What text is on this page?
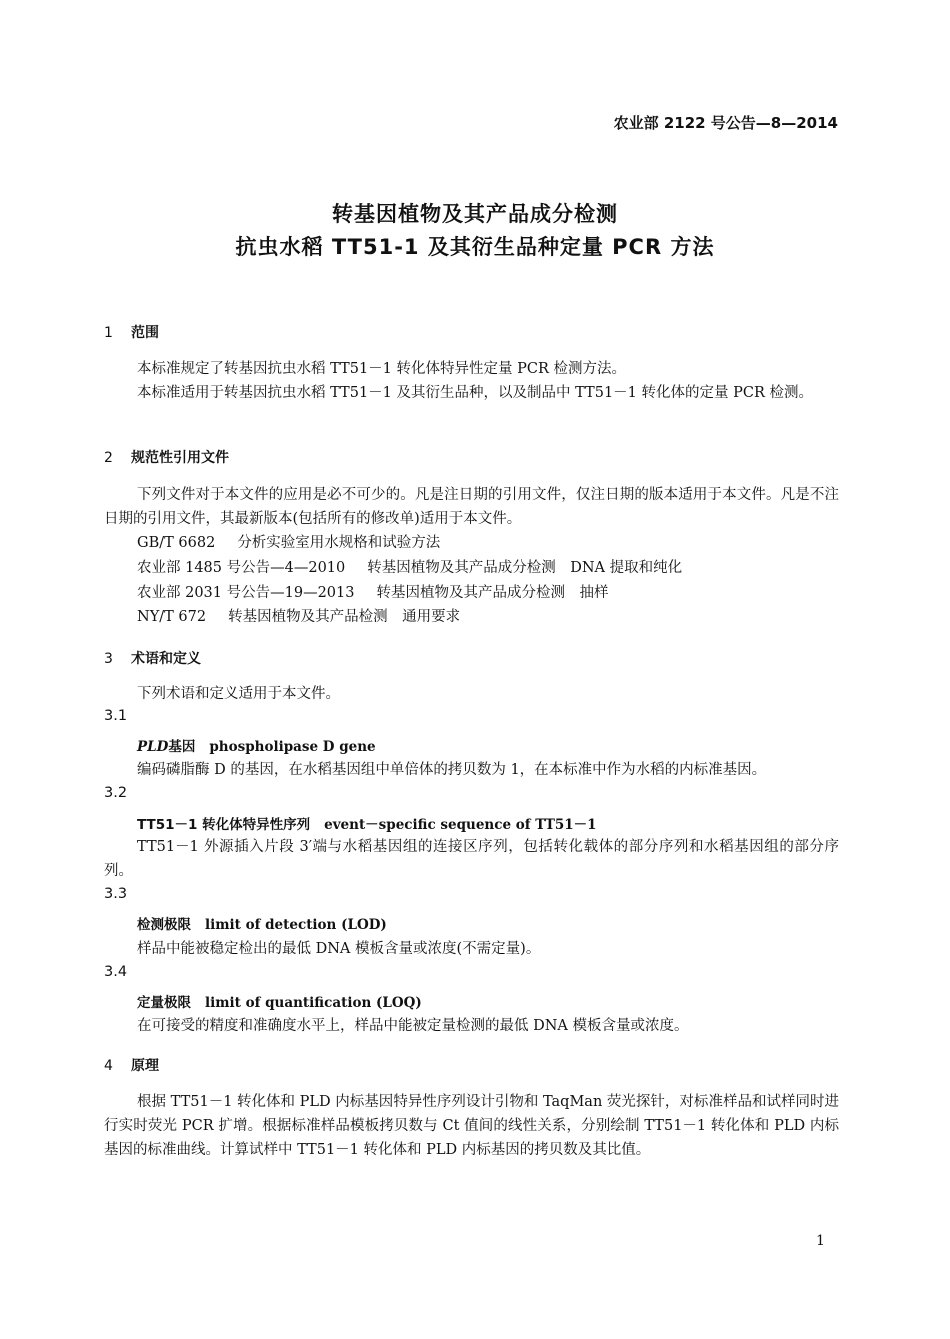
农业部 2122 号公告—8—2014
转基因植物及其产品成分检测
抗虫水稻 TT51-1 及其衍生品种定量 PCR 方法
1 范围
本标准规定了转基因抗虫水稻 TT51－1 转化体特异性定量 PCR 检测方法。
本标准适用于转基因抗虫水稻 TT51－1 及其衍生品种，以及制品中 TT51－1 转化体的定量 PCR 检测。
2 规范性引用文件
下列文件对于本文件的应用是必不可少的。凡是注日期的引用文件，仅注日期的版本适用于本文件。凡是不注日期的引用文件，其最新版本(包括所有的修改单)适用于本文件。
GB/T 6682 分析实验室用水规格和试验方法
农业部 1485 号公告—4—2010 转基因植物及其产品成分检测　DNA 提取和纯化
农业部 2031 号公告—19—2013 转基因植物及其产品成分检测　抽样
NY/T 672 转基因植物及其产品检测　通用要求
3 术语和定义
下列术语和定义适用于本文件。
3.1
PLD基因 phospholipase D gene
编码磷脂酶 D 的基因，在水稻基因组中单倍体的拷贝数为 1，在本标准中作为水稻的内标准基因。
3.2
TT51－1 转化体特异性序列 event－specific sequence of TT51－1
TT51－1 外源插入片段 3′端与水稻基因组的连接区序列，包括转化载体的部分序列和水稻基因组的部分序列。
3.3
检测极限 limit of detection (LOD)
样品中能被稳定检出的最低 DNA 模板含量或浓度(不需定量)。
3.4
定量极限 limit of quantification (LOQ)
在可接受的精度和准确度水平上，样品中能被定量检测的最低 DNA 模板含量或浓度。
4 原理
根据 TT51－1 转化体和 PLD 内标基因特异性序列设计引物和 TaqMan 荧光探针，对标准样品和试样同时进行实时荧光 PCR 扩增。根据标准样品模板拷贝数与 Ct 值间的线性关系，分别绘制 TT51－1 转化体和 PLD 内标基因的标准曲线。计算试样中 TT51－1 转化体和 PLD 内标基因的拷贝数及其比值。
1
